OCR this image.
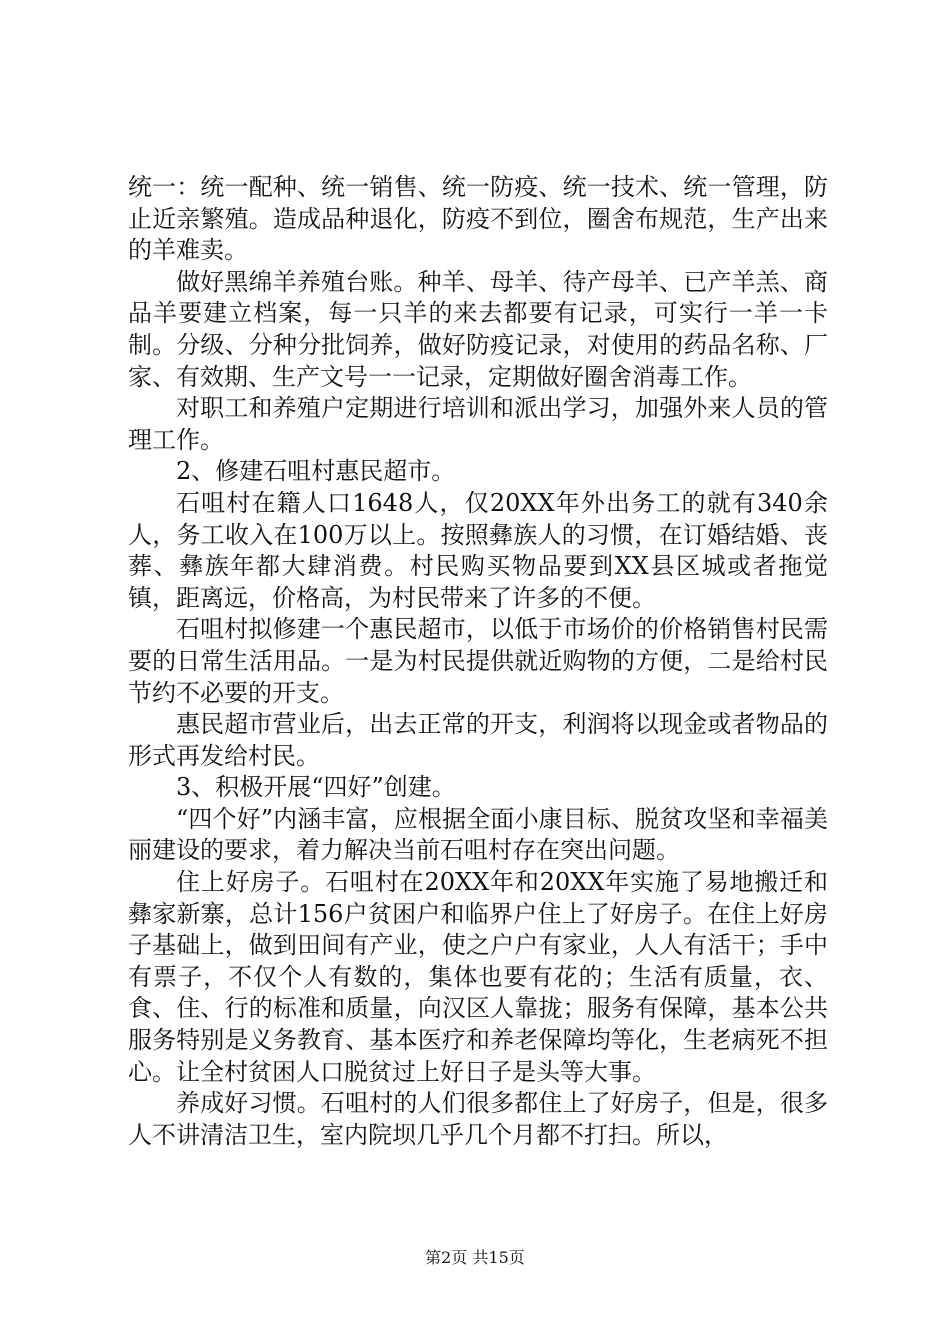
统一：统一配种、统一销售、统一防疫、统一技术、统一管理，防止近亲繁殖。造成品种退化，防疫不到位，圈舍布规范，生产出来的羊难卖。

做好黑绵羊养殖台账。种羊、母羊、待产母羊、已产羊羔、商品羊要建立档案，每一只羊的来去都要有记录，可实行一羊一卡制。分级、分种分批饲养，做好防疫记录，对使用的药品名称、厂家、有效期、生产文号一一记录，定期做好圈舍消毒工作。

对职工和养殖户定期进行培训和派出学习，加强外来人员的管理工作。

2、修建石咀村惠民超市。

石咀村在籍人口1648人，仅20XX年外出务工的就有340余人，务工收入在100万以上。按照彝族人的习惯，在订婚结婚、丧葬、彝族年都大肆消费。村民购买物品要到XX县区城或者拖觉镇，距离远，价格高，为村民带来了许多的不便。

石咀村拟修建一个惠民超市，以低于市场价的价格销售村民需要的日常生活用品。一是为村民提供就近购物的方便，二是给村民节约不必要的开支。

惠民超市营业后，出去正常的开支，利润将以现金或者物品的形式再发给村民。

3、积极开展“四好”创建。

“四个好”内涵丰富，应根据全面小康目标、脱贫攻坚和幸福美丽建设的要求，着力解决当前石咀村存在突出问题。

住上好房子。石咀村在20XX年和20XX年实施了易地搬迁和彝家新寨，总计156户贫困户和临界户住上了好房子。在住上好房子基础上，做到田间有产业，使之户户有家业，人人有活干；手中有票子，不仅个人有数的，集体也要有花的；生活有质量，衣、食、住、行的标准和质量，向汉区人靠拢；服务有保障，基本公共服务特别是义务教育、基本医疗和养老保障均等化，生老病死不担心。让全村贫困人口脱贫过上好日子是头等大事。

养成好习惯。石咀村的人们很多都住上了好房子，但是，很多人不讲清洁卫生，室内院坝几乎几个月都不打扫。所以，

第2页 共15页
